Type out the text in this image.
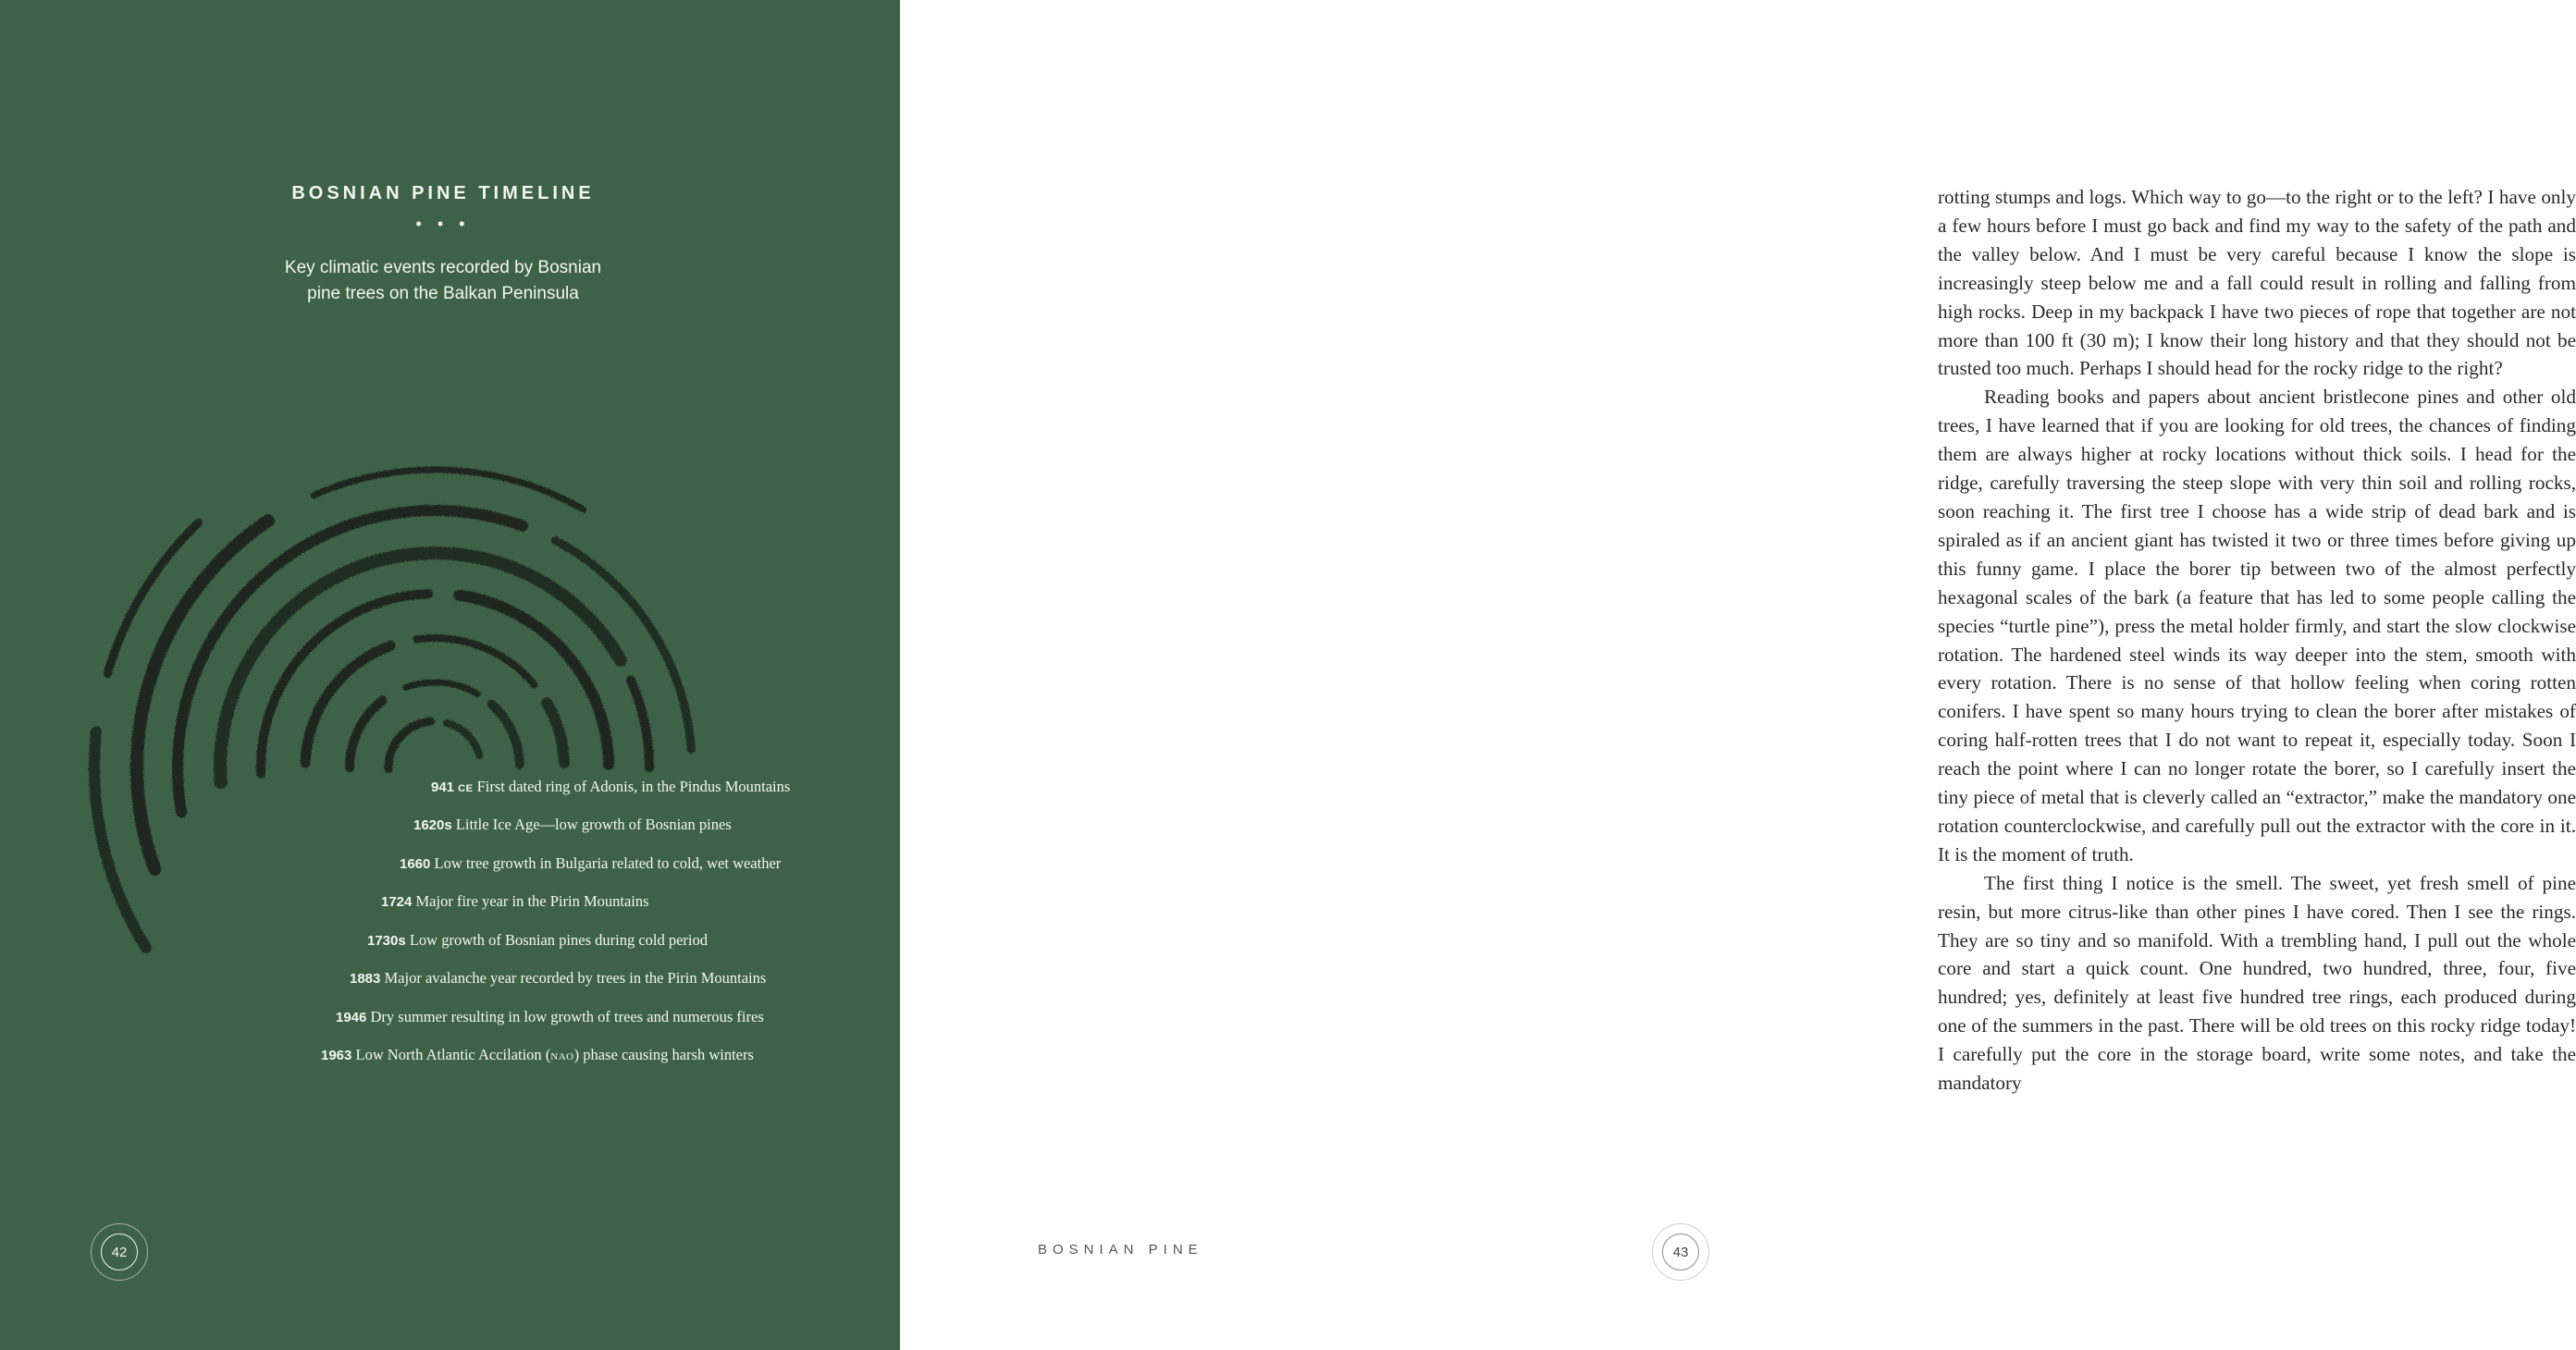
BOSNIAN PINE TIMELINE
• • •
Key climatic events recorded by Bosnian
pine trees on the Balkan Peninsula
941 CE First dated ring of Adonis, in the Pindus Mountains
1620s Little Ice Age—low growth of Bosnian pines
1660 Low tree growth in Bulgaria related to cold, wet weather
1724 Major fire year in the Pirin Mountains
1730s Low growth of Bosnian pines during cold period
1883 Major avalanche year recorded by trees in the Pirin Mountains
1946 Dry summer resulting in low growth of trees and numerous fires
1963 Low North Atlantic Accilation (NAO) phase causing harsh winters
42

rotting stumps and logs. Which way to go—to the right or to the left? I have only a few hours before I must go back and find my way to the safety of the path and the valley below. And I must be very careful because I know the slope is increasingly steep below me and a fall could result in rolling and falling from high rocks. Deep in my backpack I have two pieces of rope that together are not more than 100 ft (30 m); I know their long history and that they should not be trusted too much. Perhaps I should head for the rocky ridge to the right?

Reading books and papers about ancient bristlecone pines and other old trees, I have learned that if you are looking for old trees, the chances of finding them are always higher at rocky locations without thick soils. I head for the ridge, carefully traversing the steep slope with very thin soil and rolling rocks, soon reaching it. The first tree I choose has a wide strip of dead bark and is spiraled as if an ancient giant has twisted it two or three times before giving up this funny game. I place the borer tip between two of the almost perfectly hexagonal scales of the bark (a feature that has led to some people calling the species “turtle pine”), press the metal holder firmly, and start the slow clockwise rotation. The hardened steel winds its way deeper into the stem, smooth with every rotation. There is no sense of that hollow feeling when coring rotten conifers. I have spent so many hours trying to clean the borer after mistakes of coring half-rotten trees that I do not want to repeat it, especially today. Soon I reach the point where I can no longer rotate the borer, so I carefully insert the tiny piece of metal that is cleverly called an “extractor,” make the mandatory one rotation counterclockwise, and carefully pull out the extractor with the core in it. It is the moment of truth.

The first thing I notice is the smell. The sweet, yet fresh smell of pine resin, but more citrus-like than other pines I have cored. Then I see the rings. They are so tiny and so manifold. With a trembling hand, I pull out the whole core and start a quick count. One hundred, two hundred, three, four, five hundred; yes, definitely at least five hundred tree rings, each produced during one of the summers in the past. There will be old trees on this rocky ridge today! I carefully put the core in the storage board, write some notes, and take the mandatory

BOSNIAN PINE	43
